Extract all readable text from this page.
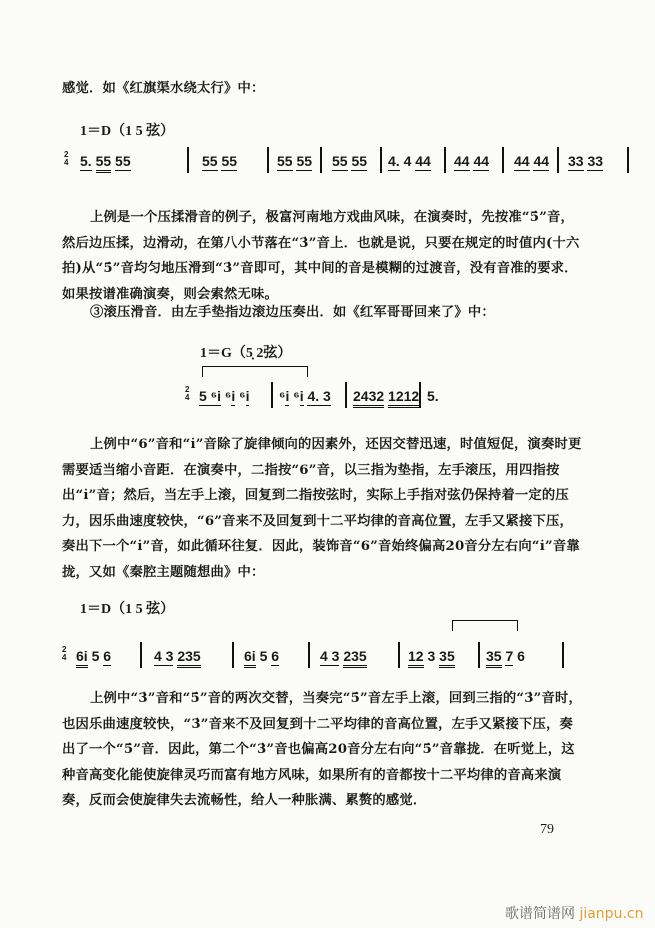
感觉．如《红旗渠水绕太行》中：
1＝D（1 5 弦）
2
4 5. 55 55	55 55	55 55 55 55 4. 4 44 44 44 44 44 33 33
上例是一个压揉滑音的例子，极富河南地方戏曲风味，在演奏时，先按准“5̇”音，然后边压揉，边滑动，在第八小节落在“3̇”音上．也就是说，只要在规定的时值内(十六拍)从“5̇”音均匀地压滑到“3̇”音即可，其中间的音是模糊的过渡音，没有音准的要求．如果按谱准确演奏，则会索然无味。
③滚压滑音．由左手垫指边滚边压奏出．如《红军哥哥回来了》中：
1＝G（5̣ 2弦）
2
4 5 ⁶i ⁶i ⁶i ⁶i ⁶i 4. 3 2432 1212 5.
上例中“6”音和“i̇”音除了旋律倾向的因素外，还因交替迅速，时值短促，演奏时更需要适当缩小音距．在演奏中，二指按“6”音，以三指为垫指，左手滚压，用四指按出“i̇”音；然后，当左手上滚，回复到二指按弦时，实际上手指对弦仍保持着一定的压力，因乐曲速度较快，“6”音来不及回复到十二平均律的音高位置，左手又紧接下压，奏出下一个“i̇”音，如此循环往复．因此，装饰音“6”音始终偏高20音分左右向“i̇”音靠拢，又如《秦腔主题随想曲》中：
1＝D（1 5 弦）
2
4 6i 5 6	4 3 235	6i 5 6	4 3 235	12 3 35 35 7 6
上例中“3̇”音和“5̇”音的两次交替，当奏完“5̇”音左手上滚，回到三指的“3̇”音时，也因乐曲速度较快，“3̇”音来不及回复到十二平均律的音高位置，左手又紧接下压，奏出了一个“5̇”音．因此，第二个“3̇”音也偏高20音分左右向“5̇”音靠拢．在听觉上，这种音高变化能使旋律灵巧而富有地方风味，如果所有的音都按十二平均律的音高来演奏，反而会使旋律失去流畅性，给人一种胀满、累赘的感觉．
79
歌谱简谱网 jianpu.cn
